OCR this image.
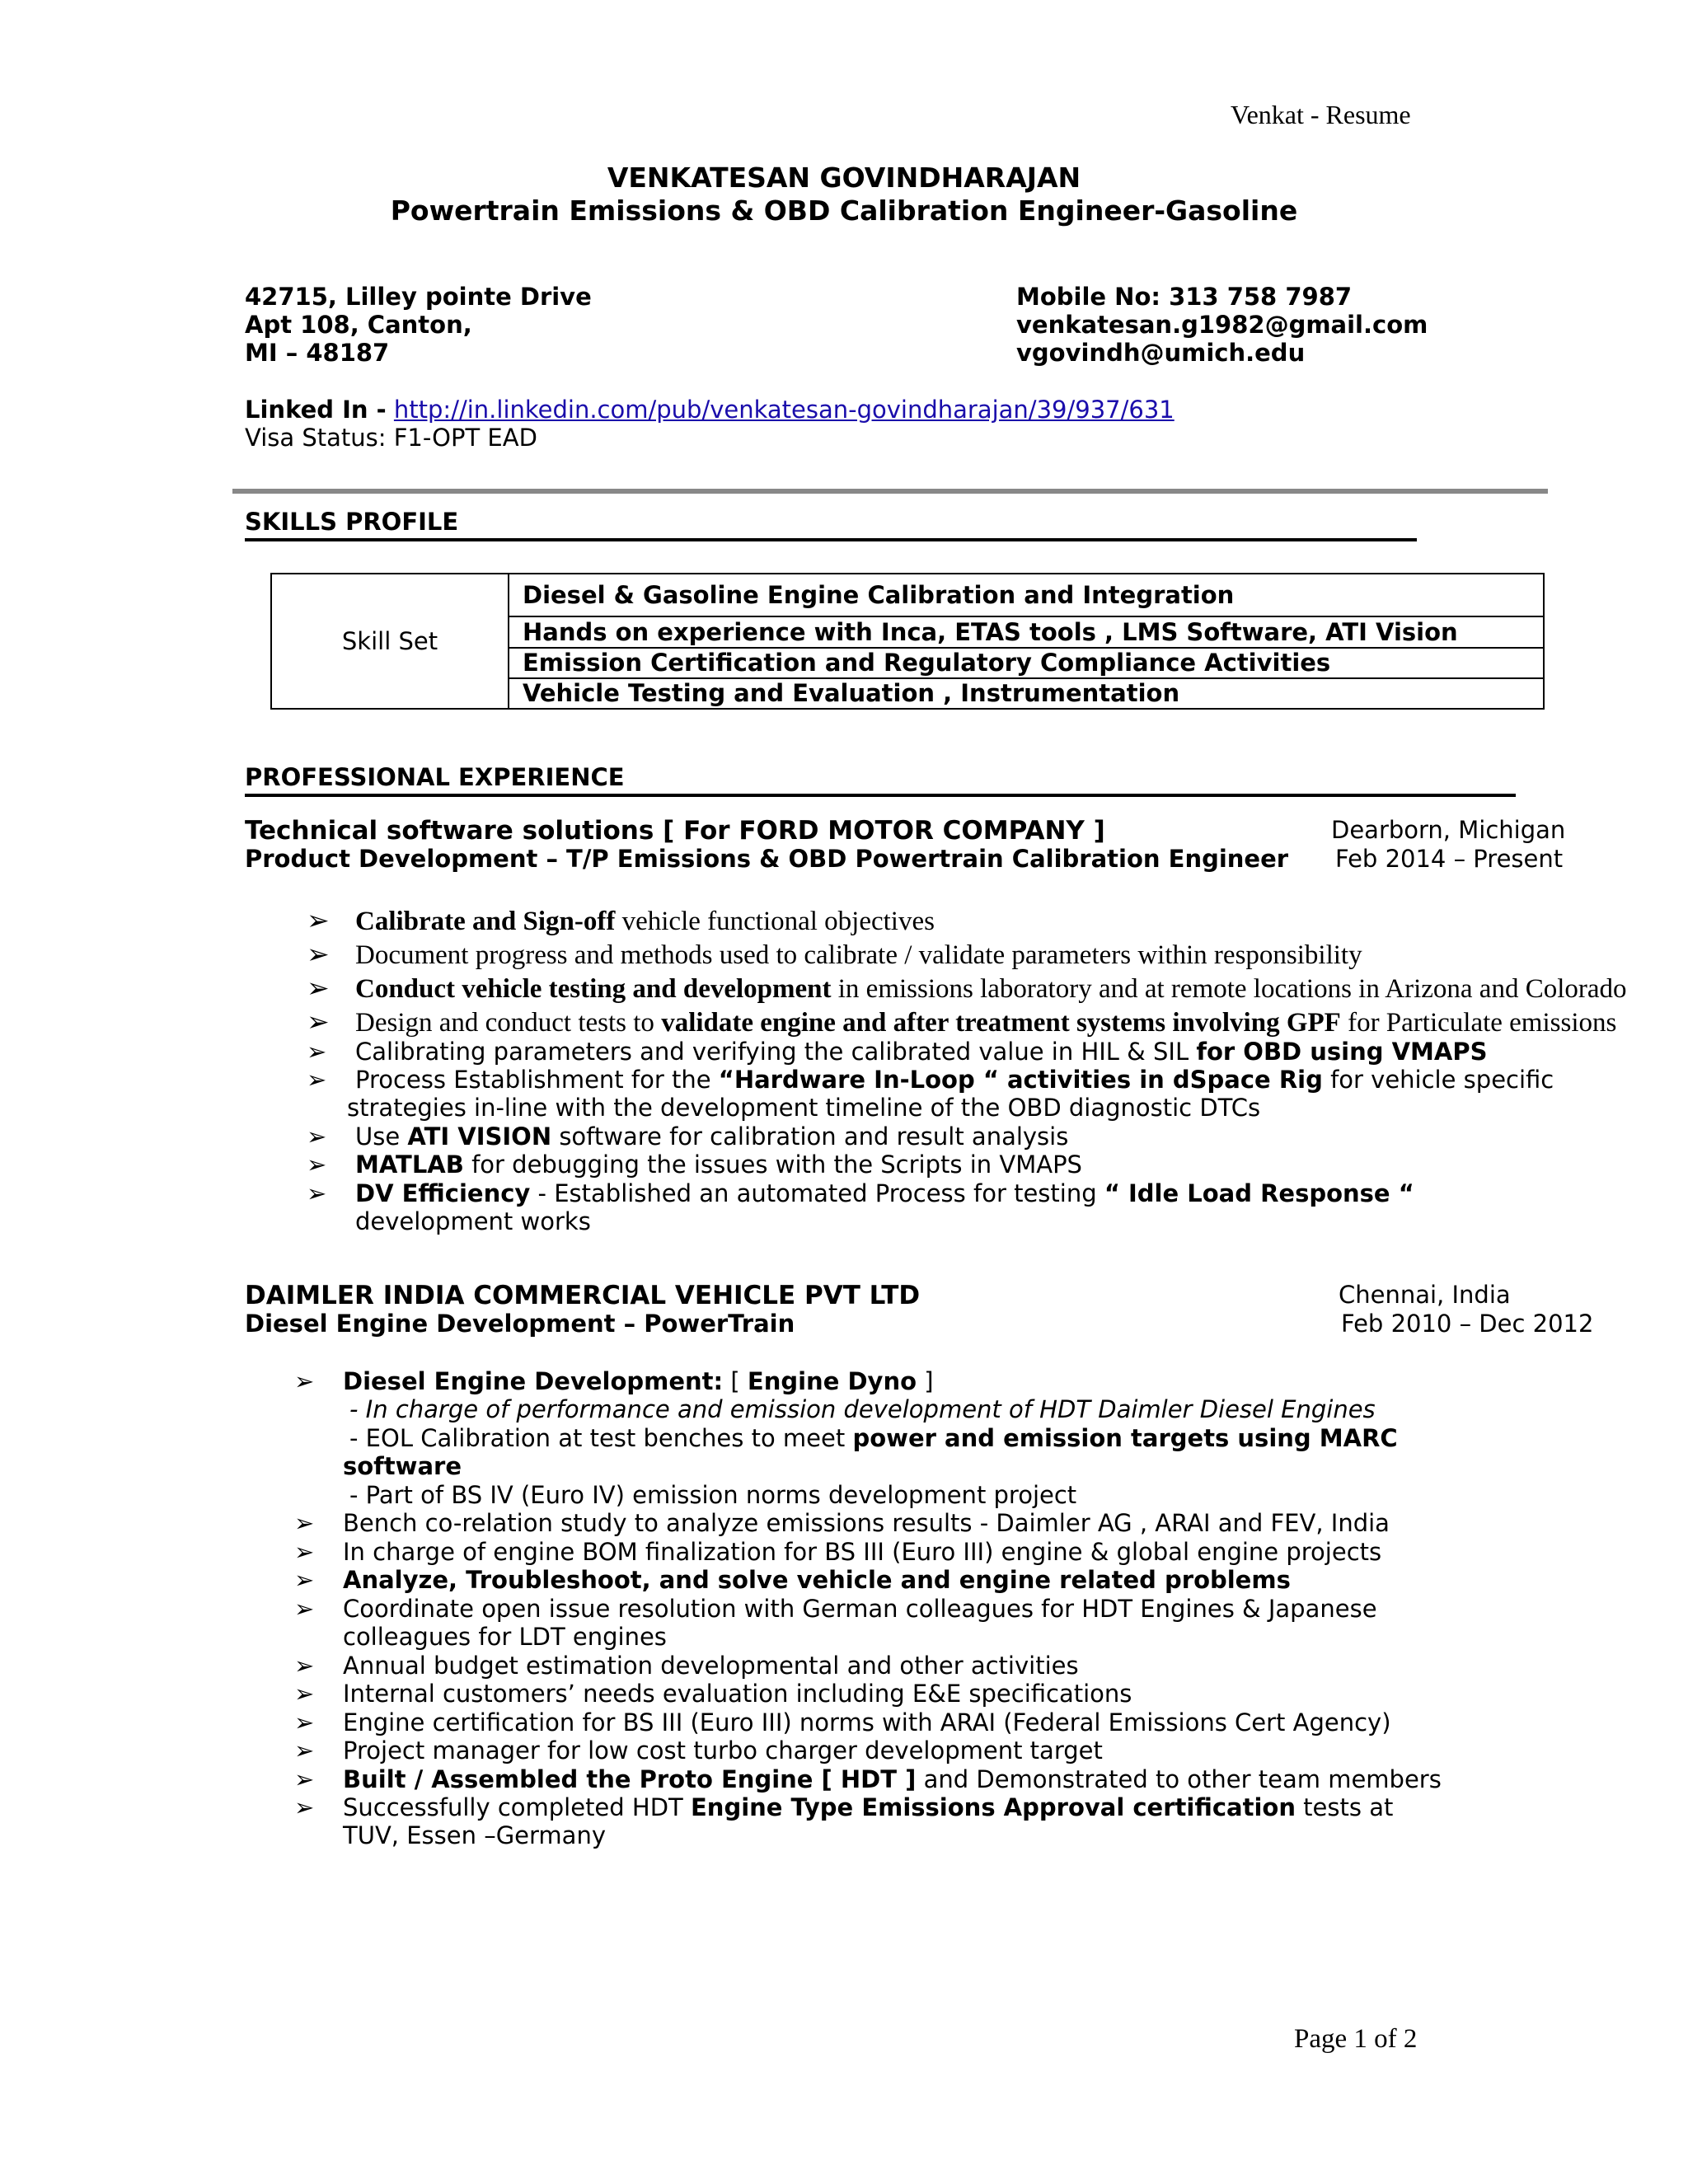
Venkat - Resume
VENKATESAN GOVINDHARAJAN
Powertrain Emissions & OBD Calibration Engineer-Gasoline
42715, Lilley pointe Drive
Apt 108, Canton,
MI – 48187
Mobile No: 313 758 7987
venkatesan.g1982@gmail.com
vgovindh@umich.edu
Linked In - http://in.linkedin.com/pub/venkatesan-govindharajan/39/937/631
Visa Status: F1-OPT EAD
SKILLS PROFILE
Skill Set	Diesel & Gasoline Engine Calibration and Integration
Hands on experience with Inca, ETAS tools , LMS Software, ATI Vision
Emission Certification and Regulatory Compliance Activities
Vehicle Testing and Evaluation , Instrumentation
PROFESSIONAL EXPERIENCE
Technical software solutions [ For FORD MOTOR COMPANY ]	Dearborn, Michigan
Product Development – T/P Emissions & OBD Powertrain Calibration Engineer Feb 2014 – Present
➢ Calibrate and Sign-off vehicle functional objectives
➢ Document progress and methods used to calibrate / validate parameters within responsibility
➢ Conduct vehicle testing and development in emissions laboratory and at remote locations in Arizona and Colorado
➢ Design and conduct tests to validate engine and after treatment systems involving GPF for Particulate emissions
➢ Calibrating parameters and verifying the calibrated value in HIL & SIL for OBD using VMAPS
➢ Process Establishment for the “Hardware In-Loop “ activities in dSpace Rig for vehicle specific
strategies in-line with the development timeline of the OBD diagnostic DTCs
➢ Use ATI VISION software for calibration and result analysis
➢ MATLAB for debugging the issues with the Scripts in VMAPS
➢ DV Efficiency - Established an automated Process for testing “ Idle Load Response “
development works
DAIMLER INDIA COMMERCIAL VEHICLE PVT LTD	Chennai, India
Diesel Engine Development – PowerTrain	Feb 2010 – Dec 2012
➢ Diesel Engine Development: [ Engine Dyno ]
- In charge of performance and emission development of HDT Daimler Diesel Engines
- EOL Calibration at test benches to meet power and emission targets using MARC
software
- Part of BS IV (Euro IV) emission norms development project
➢ Bench co-relation study to analyze emissions results - Daimler AG , ARAI and FEV, India
➢ In charge of engine BOM finalization for BS III (Euro III) engine & global engine projects
➢ Analyze, Troubleshoot, and solve vehicle and engine related problems
➢ Coordinate open issue resolution with German colleagues for HDT Engines & Japanese
colleagues for LDT engines
➢ Annual budget estimation developmental and other activities
➢ Internal customers’ needs evaluation including E&E specifications
➢ Engine certification for BS III (Euro III) norms with ARAI (Federal Emissions Cert Agency)
➢ Project manager for low cost turbo charger development target
➢ Built / Assembled the Proto Engine [ HDT ] and Demonstrated to other team members
➢ Successfully completed HDT Engine Type Emissions Approval certification tests at
TUV, Essen –Germany
Page 1 of 2
